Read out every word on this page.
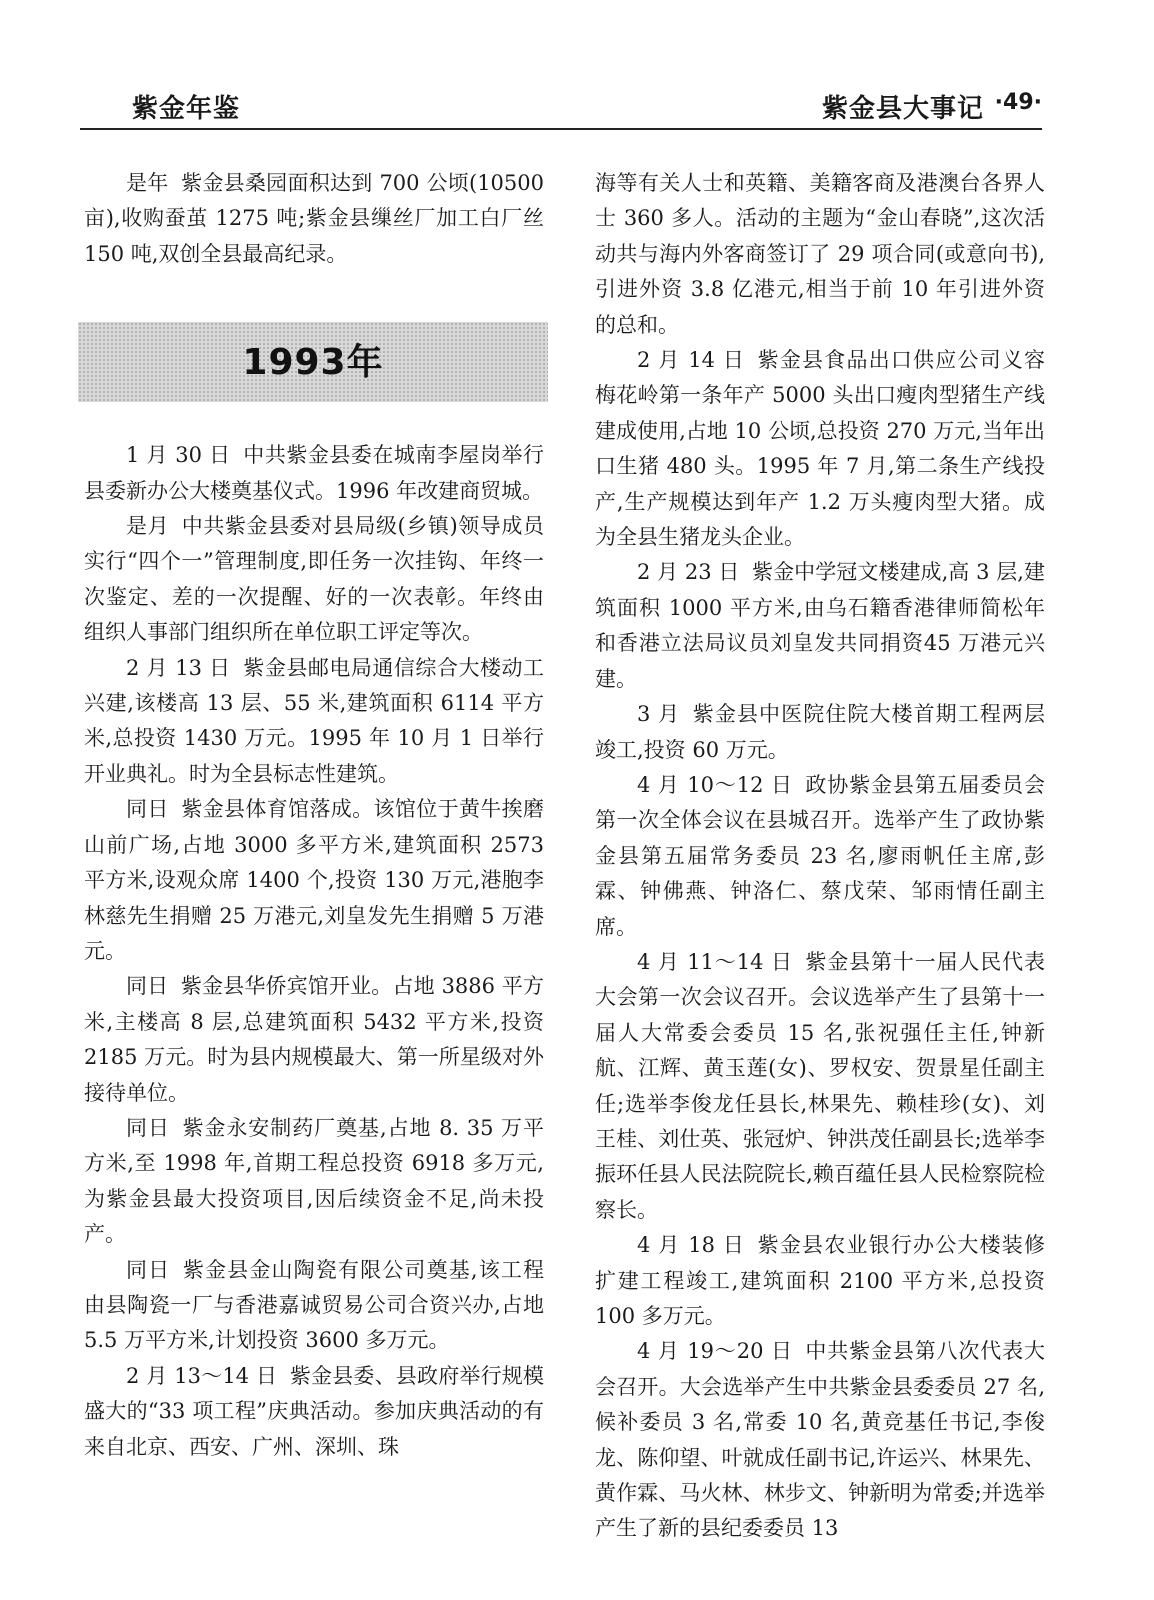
紫金年鉴	紫金县大事记 ·49·

是年 紫金县桑园面积达到 700 公顷(10500 亩),收购蚕茧 1275 吨;紫金县缫丝厂加工白厂丝 150 吨,双创全县最高纪录。

1993年

1 月 30 日 中共紫金县委在城南李屋岗举行县委新办公大楼奠基仪式。1996 年改建商贸城。

是月 中共紫金县委对县局级(乡镇)领导成员实行“四个一”管理制度,即任务一次挂钩、年终一次鉴定、差的一次提醒、好的一次表彰。年终由组织人事部门组织所在单位职工评定等次。

2 月 13 日 紫金县邮电局通信综合大楼动工兴建,该楼高 13 层、55 米,建筑面积 6114 平方米,总投资 1430 万元。1995 年 10 月 1 日举行开业典礼。时为全县标志性建筑。

同日 紫金县体育馆落成。该馆位于黄牛挨磨山前广场,占地 3000 多平方米,建筑面积 2573 平方米,设观众席 1400 个,投资 130 万元,港胞李林慈先生捐赠 25 万港元,刘皇发先生捐赠 5 万港元。

同日 紫金县华侨宾馆开业。占地 3886 平方米,主楼高 8 层,总建筑面积 5432 平方米,投资 2185 万元。时为县内规模最大、第一所星级对外接待单位。

同日 紫金永安制药厂奠基,占地 8. 35 万平方米,至 1998 年,首期工程总投资 6918 多万元,为紫金县最大投资项目,因后续资金不足,尚未投产。

同日 紫金县金山陶瓷有限公司奠基,该工程由县陶瓷一厂与香港嘉诚贸易公司合资兴办,占地 5.5 万平方米,计划投资 3600 多万元。

2 月 13～14 日 紫金县委、县政府举行规模盛大的“33 项工程”庆典活动。参加庆典活动的有来自北京、西安、广州、深圳、珠

海等有关人士和英籍、美籍客商及港澳台各界人士 360 多人。活动的主题为“金山春晓”,这次活动共与海内外客商签订了 29 项合同(或意向书),引进外资 3.8 亿港元,相当于前 10 年引进外资的总和。

2 月 14 日 紫金县食品出口供应公司义容梅花岭第一条年产 5000 头出口瘦肉型猪生产线建成使用,占地 10 公顷,总投资 270 万元,当年出口生猪 480 头。1995 年 7 月,第二条生产线投产,生产规模达到年产 1.2 万头瘦肉型大猪。成为全县生猪龙头企业。

2 月 23 日 紫金中学冠文楼建成,高 3 层,建筑面积 1000 平方米,由乌石籍香港律师简松年和香港立法局议员刘皇发共同捐资45 万港元兴建。

3 月 紫金县中医院住院大楼首期工程两层竣工,投资 60 万元。

4 月 10～12 日 政协紫金县第五届委员会第一次全体会议在县城召开。选举产生了政协紫金县第五届常务委员 23 名,廖雨帆任主席,彭霖、钟佛燕、钟洛仁、蔡戊荣、邹雨情任副主席。

4 月 11～14 日 紫金县第十一届人民代表大会第一次会议召开。会议选举产生了县第十一届人大常委会委员 15 名,张祝强任主任,钟新航、江辉、黄玉莲(女)、罗权安、贺景星任副主任;选举李俊龙任县长,林果先、赖桂珍(女)、刘王桂、刘仕英、张冠炉、钟洪茂任副县长;选举李振环任县人民法院院长,赖百蕴任县人民检察院检察长。

4 月 18 日 紫金县农业银行办公大楼装修扩建工程竣工,建筑面积 2100 平方米,总投资 100 多万元。

4 月 19～20 日 中共紫金县第八次代表大会召开。大会选举产生中共紫金县委委员 27 名,候补委员 3 名,常委 10 名,黄竞基任书记,李俊龙、陈仰望、叶就成任副书记,许运兴、林果先、黄作霖、马火林、林步文、钟新明为常委;并选举产生了新的县纪委委员 13
